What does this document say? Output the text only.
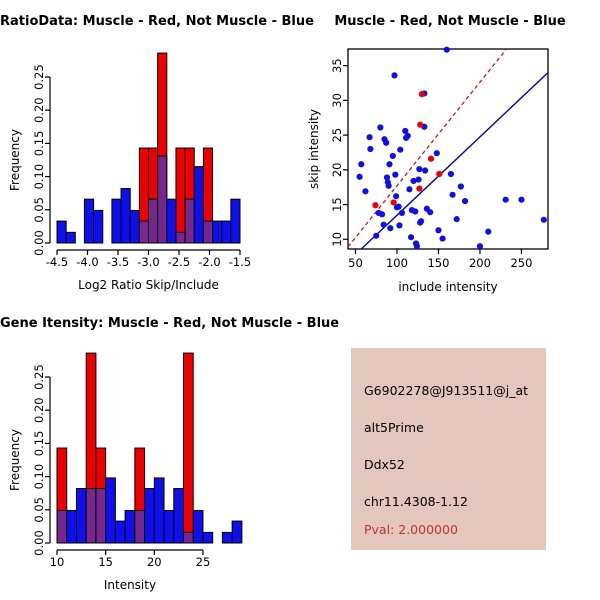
RatioData: Muscle - Red, Not Muscle - Blue
-4.5 -4.0 -3.5 -3.0 -2.5 -2.0 -1.5
Log2 Ratio Skip/Include
0.00
0.05
0.10
0.15
0.20
0.25
Frequency
Muscle - Red, Not Muscle - Blue
50 100 150 200 250
include intensity
10
15
20
25
30
35
skip intensity
Gene Itensity: Muscle - Red, Not Muscle - Blue
10	15	20	25
Intensity
0.00
0.05
0.10
0.15
0.20
0.25
Frequency
G6902278@J913511@j_at
alt5Prime
Ddx52
chr11.4308-1.12
Pval: 2.000000
